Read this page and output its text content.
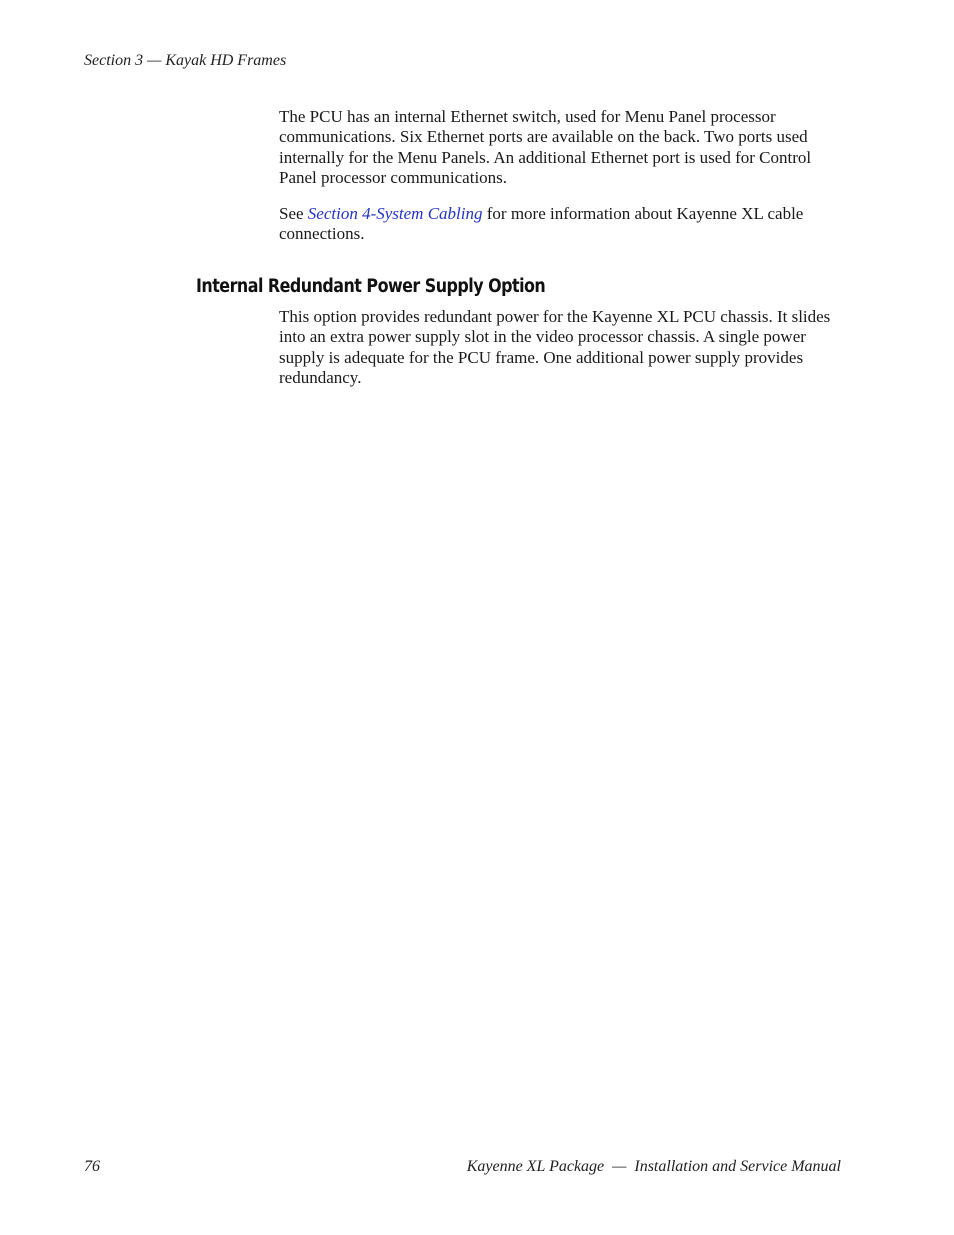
Section 3 — Kayak HD Frames

The PCU has an internal Ethernet switch, used for Menu Panel processor communications. Six Ethernet ports are available on the back. Two ports used internally for the Menu Panels. An additional Ethernet port is used for Control Panel processor communications.

See Section 4-System Cabling for more information about Kayenne XL cable connections.

Internal Redundant Power Supply Option

This option provides redundant power for the Kayenne XL PCU chassis. It slides into an extra power supply slot in the video processor chassis. A single power supply is adequate for the PCU frame. One additional power supply provides redundancy.

76	Kayenne XL Package  —  Installation and Service Manual
